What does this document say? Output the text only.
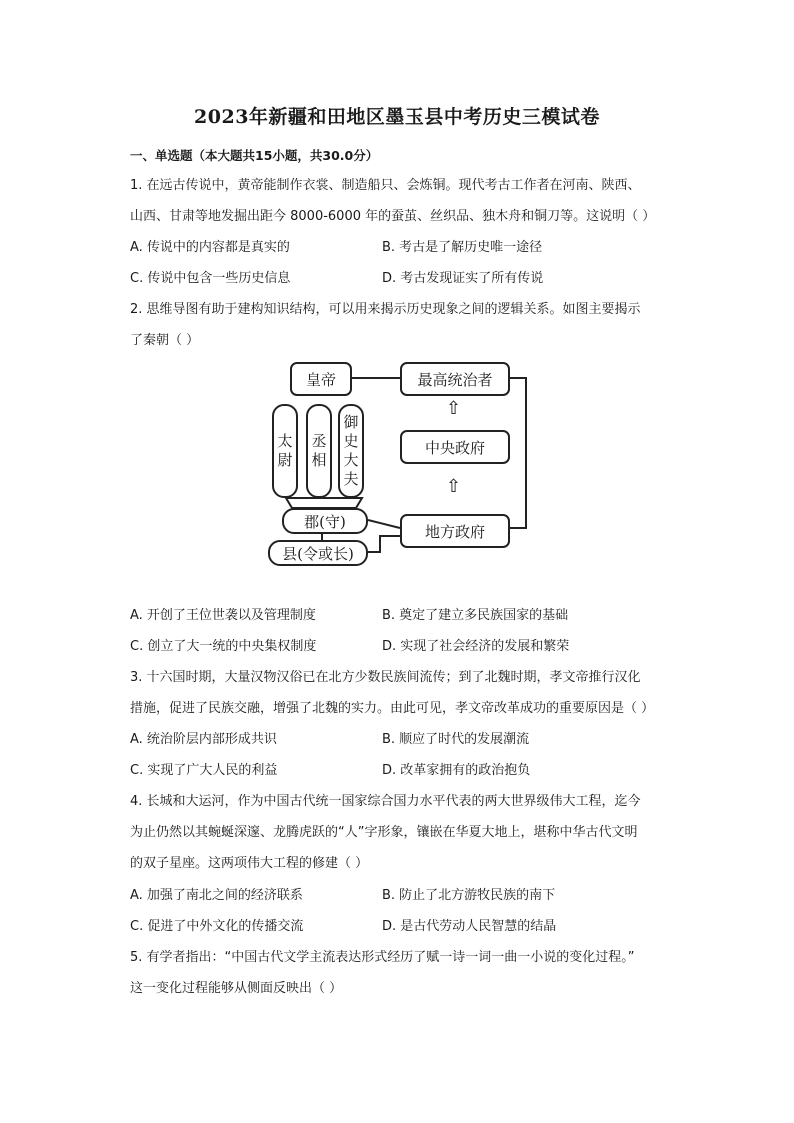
2023年新疆和田地区墨玉县中考历史三模试卷
一、单选题（本大题共15小题，共30.0分）
1. 在远古传说中，黄帝能制作衣裳、制造船只、会炼铜。现代考古工作者在河南、陕西、
山西、甘肃等地发掘出距今 8000-6000 年的蚕茧、丝织品、独木舟和铜刀等。这说明（ ）
A. 传说中的内容都是真实的	B. 考古是了解历史唯一途径
C. 传说中包含一些历史信息	D. 考古发现证实了所有传说
2. 思维导图有助于建构知识结构，可以用来揭示历史现象之间的逻辑关系。如图主要揭示
了秦朝（ ）
皇帝
太
尉
丞
相
御
史
大
夫
郡(守)
县(令或长)
最高统治者
⇧
中央政府
⇧
地方政府
A. 开创了王位世袭以及管理制度	B. 奠定了建立多民族国家的基础
C. 创立了大一统的中央集权制度	D. 实现了社会经济的发展和繁荣
3. 十六国时期，大量汉物汉俗已在北方少数民族间流传；到了北魏时期，孝文帝推行汉化
措施，促进了民族交融，增强了北魏的实力。由此可见，孝文帝改革成功的重要原因是（ ）
A. 统治阶层内部形成共识	B. 顺应了时代的发展潮流
C. 实现了广大人民的利益	D. 改革家拥有的政治抱负
4. 长城和大运河，作为中国古代统一国家综合国力水平代表的两大世界级伟大工程，迄今
为止仍然以其蜿蜒深邃、龙腾虎跃的“人”字形象，镶嵌在华夏大地上，堪称中华古代文明
的双子星座。这两项伟大工程的修建（ ）
A. 加强了南北之间的经济联系	B. 防止了北方游牧民族的南下
C. 促进了中外文化的传播交流	D. 是古代劳动人民智慧的结晶
5. 有学者指出：“中国古代文学主流表达形式经历了赋一诗一词一曲一小说的变化过程。”
这一变化过程能够从侧面反映出（ ）
